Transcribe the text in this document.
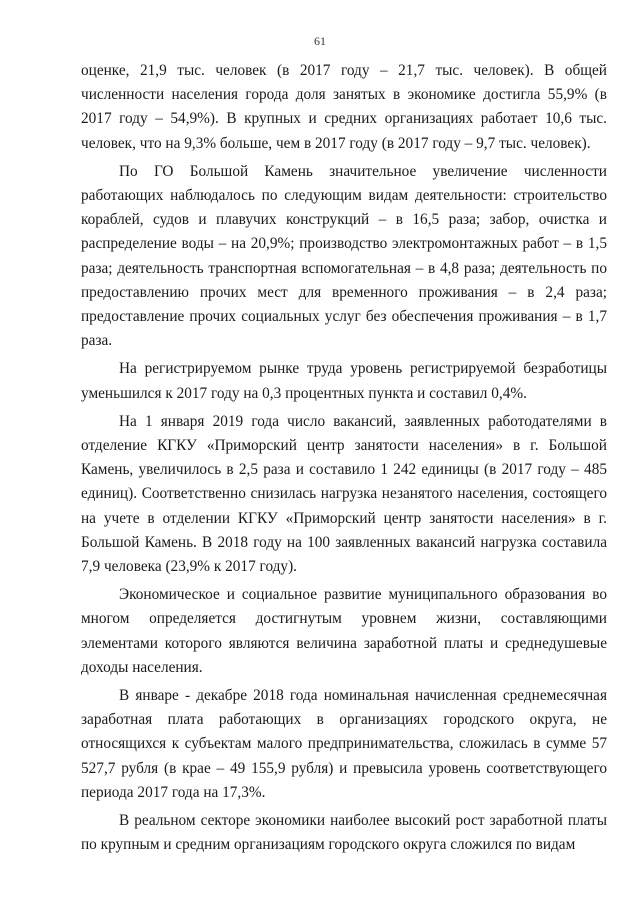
61

оценке, 21,9 тыс. человек (в 2017 году – 21,7 тыс. человек). В общей численности населения города доля занятых в экономике достигла 55,9% (в 2017 году – 54,9%). В крупных и средних организациях работает 10,6 тыс. человек, что на 9,3% больше, чем в 2017 году (в 2017 году – 9,7 тыс. человек).

По ГО Большой Камень значительное увеличение численности работающих наблюдалось по следующим видам деятельности: строительство кораблей, судов и плавучих конструкций – в 16,5 раза; забор, очистка и распределение воды – на 20,9%; производство электромонтажных работ – в 1,5 раза; деятельность транспортная вспомогательная – в 4,8 раза; деятельность по предоставлению прочих мест для временного проживания – в 2,4 раза; предоставление прочих социальных услуг без обеспечения проживания – в 1,7 раза.

На регистрируемом рынке труда уровень регистрируемой безработицы уменьшился к 2017 году на 0,3 процентных пункта и составил 0,4%.

На 1 января 2019 года число вакансий, заявленных работодателями в отделение КГКУ «Приморский центр занятости населения» в г. Большой Камень, увеличилось в 2,5 раза и составило 1 242 единицы (в 2017 году – 485 единиц). Соответственно снизилась нагрузка незанятого населения, состоящего на учете в отделении КГКУ «Приморский центр занятости населения» в г. Большой Камень. В 2018 году на 100 заявленных вакансий нагрузка составила 7,9 человека (23,9% к 2017 году).

Экономическое и социальное развитие муниципального образования во многом определяется достигнутым уровнем жизни, составляющими элементами которого являются величина заработной платы и среднедушевые доходы населения.

В январе - декабре 2018 года номинальная начисленная среднемесячная заработная плата работающих в организациях городского округа, не относящихся к субъектам малого предпринимательства, сложилась в сумме 57 527,7 рубля (в крае – 49 155,9 рубля) и превысила уровень соответствующего периода 2017 года на 17,3%.

В реальном секторе экономики наиболее высокий рост заработной платы по крупным и средним организациям городского округа сложился по видам
